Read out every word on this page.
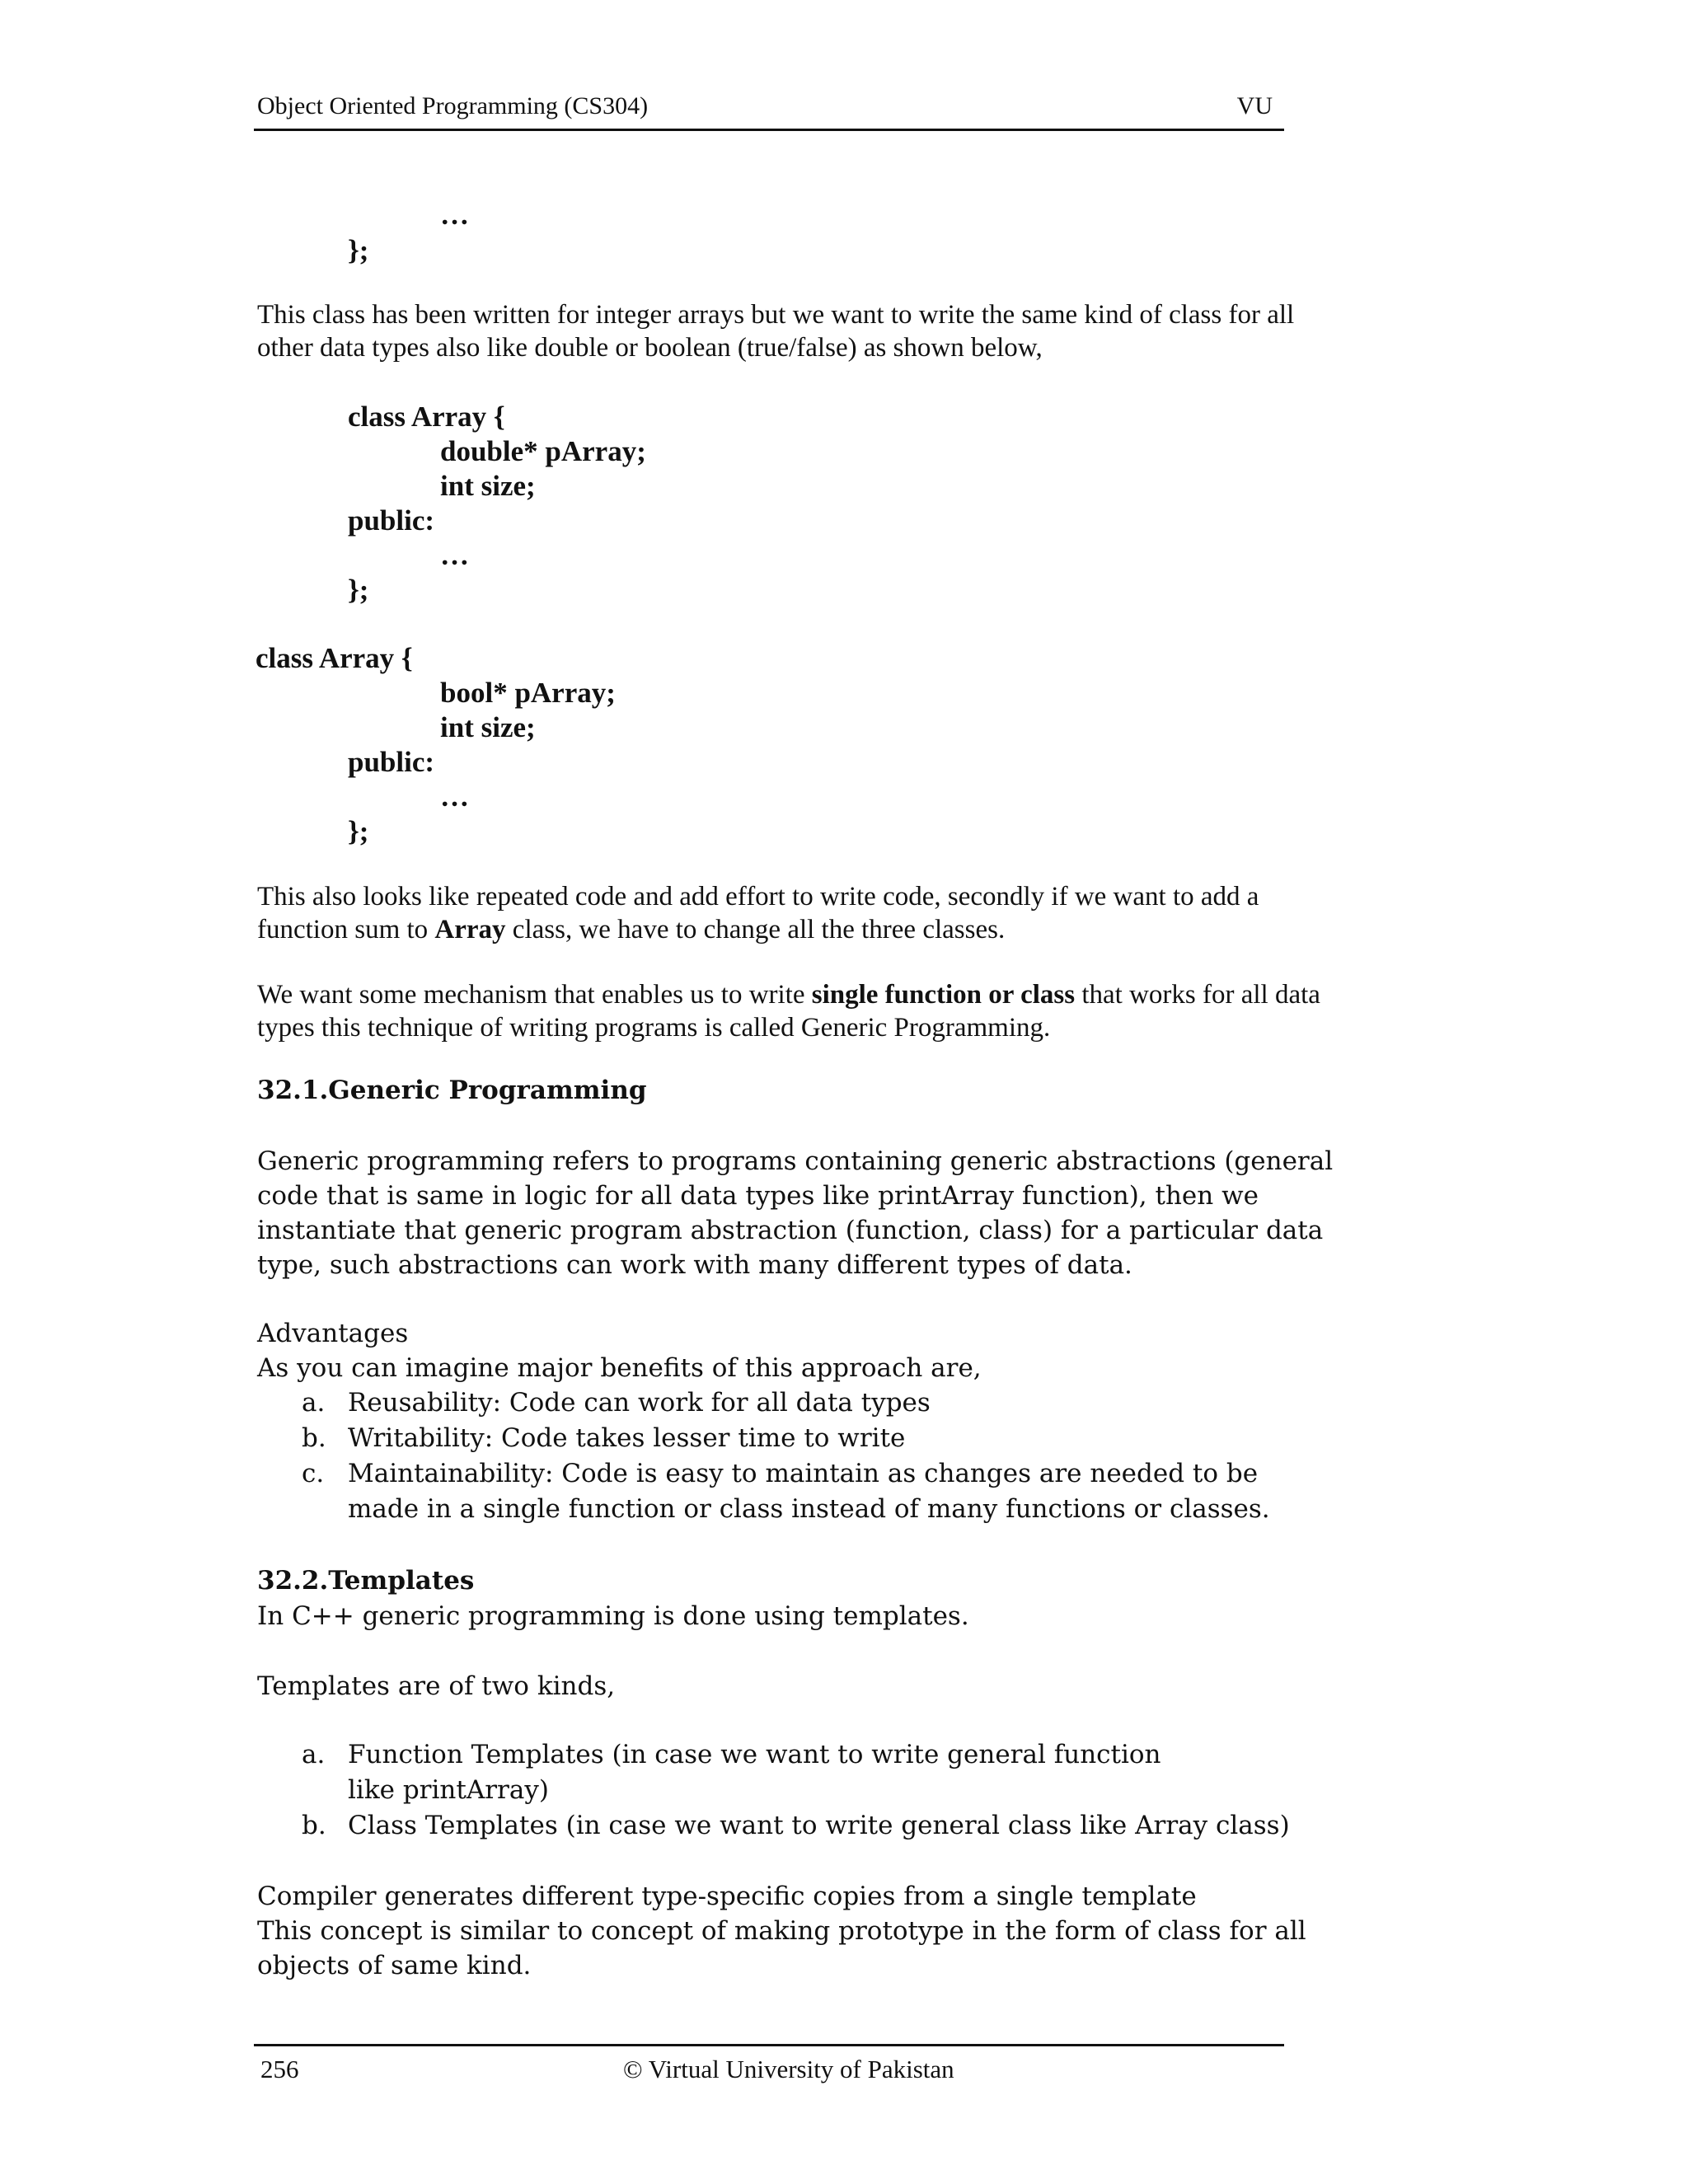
Object Oriented Programming (CS304)	VU
…
};
This class has been written for integer arrays but we want to write the same kind of class for all other data types also like double or boolean (true/false) as shown below,
class Array {
double* pArray;
int size;
public:
…
};
class Array {
bool* pArray;
int size;
public:
…
};
This also looks like repeated code and add effort to write code, secondly if we want to add a function sum to Array class, we have to change all the three classes.
We want some mechanism that enables us to write single function or class that works for all data types this technique of writing programs is called Generic Programming.
32.1.Generic Programming
Generic programming refers to programs containing generic abstractions (general code that is same in logic for all data types like printArray function), then we instantiate that generic program abstraction (function, class) for a particular data type, such abstractions can work with many different types of data.
Advantages
As you can imagine major benefits of this approach are,
a. Reusability: Code can work for all data types
b. Writability: Code takes lesser time to write
c. Maintainability: Code is easy to maintain as changes are needed to be made in a single function or class instead of many functions or classes.
32.2.Templates
In C++ generic programming is done using templates.
Templates are of two kinds,
a. Function Templates (in case we want to write general function like printArray)
b. Class Templates (in case we want to write general class like Array class)
Compiler generates different type-specific copies from a single template
This concept is similar to concept of making prototype in the form of class for all objects of same kind.
256	© Virtual University of Pakistan
